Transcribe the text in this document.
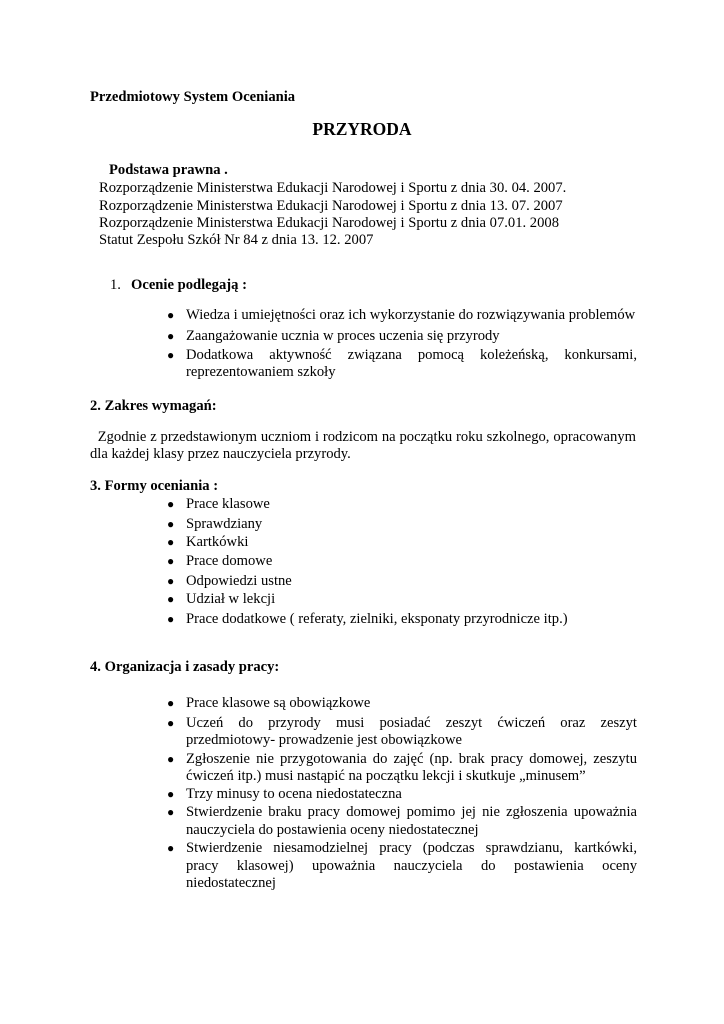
Przedmiotowy System Oceniania
PRZYRODA
Podstawa prawna .
Rozporządzenie Ministerstwa Edukacji Narodowej i Sportu z dnia 30. 04. 2007.
Rozporządzenie Ministerstwa Edukacji Narodowej i Sportu z dnia 13. 07. 2007
Rozporządzenie Ministerstwa Edukacji Narodowej i Sportu z dnia 07.01. 2008
Statut Zespołu Szkół Nr 84 z dnia 13. 12. 2007
1. Ocenie podlegają :
● Wiedza i umiejętności oraz ich wykorzystanie do rozwiązywania problemów
● Zaangażowanie ucznia w proces uczenia się przyrody
● Dodatkowa aktywność związana pomocą koleżeńską, konkursami,
reprezentowaniem szkoły
2. Zakres wymagań:
Zgodnie z przedstawionym uczniom i rodzicom na początku roku szkolnego, opracowanym
dla każdej klasy przez nauczyciela przyrody.
3. Formy oceniania :
● Prace klasowe
● Sprawdziany
● Kartkówki
● Prace domowe
● Odpowiedzi ustne
● Udział w lekcji
● Prace dodatkowe ( referaty, zielniki, eksponaty przyrodnicze itp.)
4. Organizacja i zasady pracy:
● Prace klasowe są obowiązkowe
● Uczeń do przyrody musi posiadać zeszyt ćwiczeń oraz zeszyt
przedmiotowy- prowadzenie jest obowiązkowe
● Zgłoszenie nie przygotowania do zajęć (np. brak pracy domowej, zeszytu
ćwiczeń itp.) musi nastąpić na początku lekcji i skutkuje „minusem”
● Trzy minusy to ocena niedostateczna
● Stwierdzenie braku pracy domowej pomimo jej nie zgłoszenia upoważnia
nauczyciela do postawienia oceny niedostatecznej
● Stwierdzenie niesamodzielnej pracy (podczas sprawdzianu, kartkówki,
pracy klasowej) upoważnia nauczyciela do postawienia oceny
niedostatecznej
